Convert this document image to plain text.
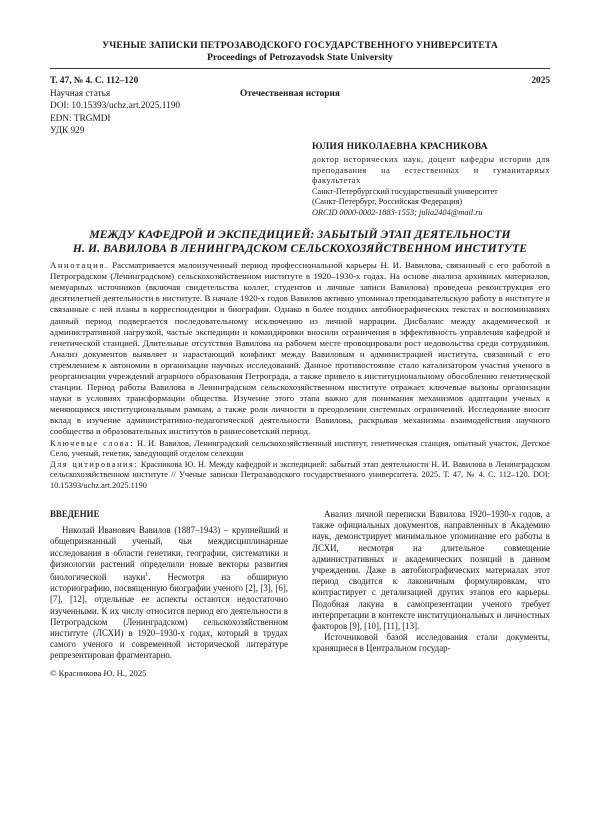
УЧЕНЫЕ ЗАПИСКИ ПЕТРОЗАВОДСКОГО ГОСУДАРСТВЕННОГО УНИВЕРСИТЕТА
Proceedings of Petrozavodsk State University
Т. 47, № 4. С. 112–120	2025
Научная статья	Отечественная история
DOI: 10.15393/uchz.art.2025.1190
EDN: TRGMDI
УДК 929
ЮЛИЯ НИКОЛАЕВНА КРАСНИКОВА
доктор исторических наук, доцент кафедры истории для преподавания на естественных и гуманитарных факультетах
Санкт-Петербургский государственный университет
(Санкт-Петербург, Российская Федерация)
ORCID 0000-0002-1883-1553; julia2404@mail.ru
МЕЖДУ КАФЕДРОЙ И ЭКСПЕДИЦИЕЙ: ЗАБЫТЫЙ ЭТАП ДЕЯТЕЛЬНОСТИ
Н. И. ВАВИЛОВА В ЛЕНИНГРАДСКОМ СЕЛЬСКОХОЗЯЙСТВЕННОМ ИНСТИТУТЕ
Аннотация. Рассматривается малоизученный период профессиональной карьеры Н. И. Вавилова, связанный с его работой в Петроградском (Ленинградском) сельскохозяйственном институте в 1920–1930-х годах. На основе анализа архивных материалов, мемуарных источников (включая свидетельства коллег, студентов и личные записи Вавилова) проведена реконструкция его десятилетней деятельности в институте. В начале 1920-х годов Вавилов активно упоминал преподавательскую работу в институте и связанные с ней планы в корреспонденции и биографии. Однако в более поздних автобиографических текстах и воспоминаниях данный период подвергается последовательному исключению из личной наррации. Дисбаланс между академической и административной нагрузкой, частые экспедиции и командировки вносили ограничения в эффективность управления кафедрой и генетической станцией. Длительные отсутствия Вавилова на рабочем месте провоцировали рост недовольства среди сотрудников. Анализ документов выявляет и нарастающий конфликт между Вавиловым и администрацией института, связанный с его стремлением к автономии в организации научных исследований. Данное противостояние стало катализатором участия ученого в реорганизации учреждений аграрного образования Петрограда, а также привело к институциональному обособлению генетической станции. Период работы Вавилова в Ленинградском сельскохозяйственном институте отражает ключевые вызовы организации науки в условиях трансформации общества. Изучение этого этапа важно для понимания механизмов адаптации ученых к меняющимся институциональным рамкам, а также роли личности в преодолении системных ограничений. Исследование вносит вклад в изучение административно-педагогической деятельности Вавилова, раскрывая механизмы взаимодействия научного сообщества и образовательных институтов в раннесоветский период.
Ключевые слова: Н. И. Вавилов, Ленинградский сельскохозяйственный институт, генетическая станция, опытный участок, Детское Село, ученый, генетик, заведующий отделом селекции
Для цитирования: Красникова Ю. Н. Между кафедрой и экспедицией: забытый этап деятельности Н. И. Вавилова в Ленинградском сельскохозяйственном институте // Ученые записки Петрозаводского государственного университета. 2025. Т. 47, № 4. С. 112–120. DOI: 10.15393/uchz.art.2025.1190
ВВЕДЕНИЕ

Николай Иванович Вавилов (1887–1943) – крупнейший и общепризнанный ученый, чьи междисциплинарные исследования в области генетики, географии, систематики и физиологии растений определили новые векторы развития биологической науки$^1$. Несмотря на обширную историографию, посвященную биографии ученого [2], [3], [6], [7], [12], отдельные ее аспекты остаются недостаточно изученными. К их числу относится период его деятельности в Петроградском (Ленинградском) сельскохозяйственном институте (ЛСХИ) в 1920–1930-х годах, который в трудах самого ученого и современной исторической литературе репрезентирован фрагментарно.

© Красникова Ю. Н., 2025

Анализ личной переписки Вавилова 1920–1930-х годов, а также официальных документов, направленных в Академию наук, демонстрирует минимальное упоминание его работы в ЛСХИ, несмотря на длительное совмещение административных и академических позиций в данном учреждении. Даже в автобиографических материалах этот период сводится к лаконичным формулировкам, что контрастирует с детализацией других этапов его карьеры. Подобная лакуна в самопрезентации ученого требует интерпретации в контексте институциональных и личностных факторов [9], [10], [11], [13].

Источниковой базой исследования стали документы, хранящиеся в Центральном государ-
